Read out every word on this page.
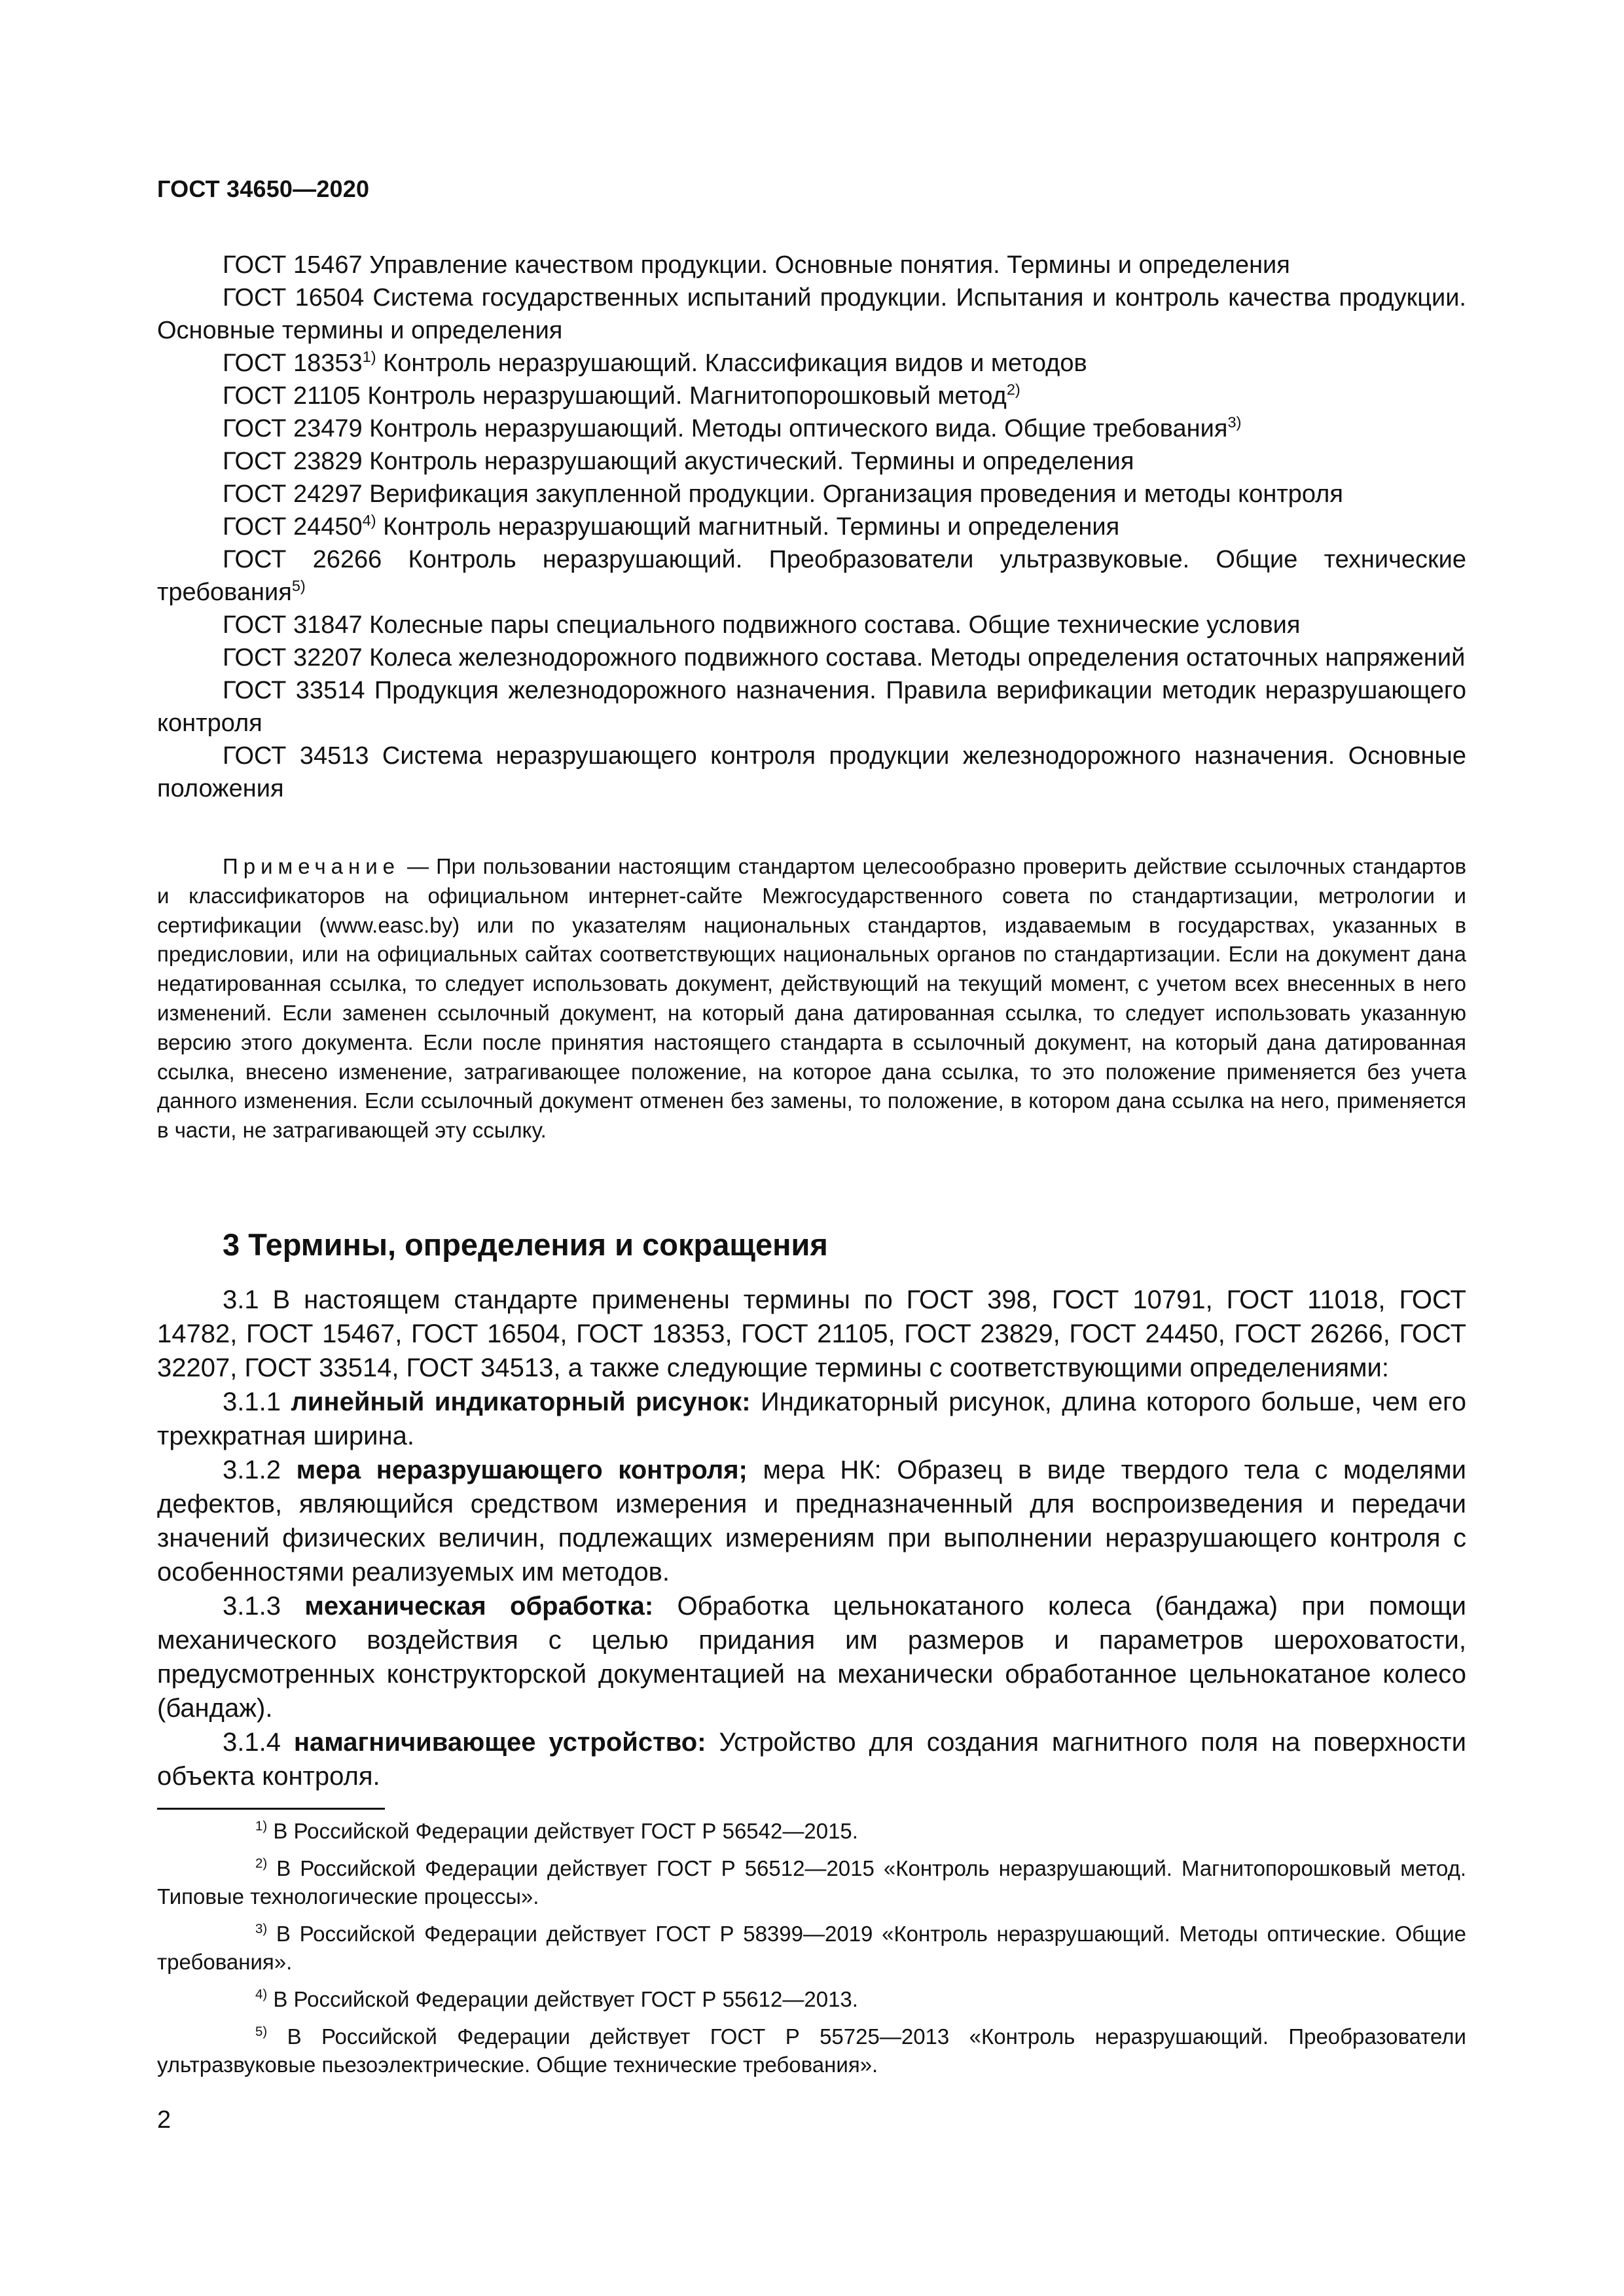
ГОСТ 34650—2020

ГОСТ 15467 Управление качеством продукции. Основные понятия. Термины и определения

ГОСТ 16504 Система государственных испытаний продукции. Испытания и контроль качества продукции. Основные термины и определения

ГОСТ 18353$^{1)}$ Контроль неразрушающий. Классификация видов и методов

ГОСТ 21105 Контроль неразрушающий. Магнитопорошковый метод$^{2)}$

ГОСТ 23479 Контроль неразрушающий. Методы оптического вида. Общие требования$^{3)}$

ГОСТ 23829 Контроль неразрушающий акустический. Термины и определения

ГОСТ 24297 Верификация закупленной продукции. Организация проведения и методы контроля

ГОСТ 24450$^{4)}$ Контроль неразрушающий магнитный. Термины и определения

ГОСТ 26266 Контроль неразрушающий. Преобразователи ультразвуковые. Общие технические требования$^{5)}$

ГОСТ 31847 Колесные пары специального подвижного состава. Общие технические условия

ГОСТ 32207 Колеса железнодорожного подвижного состава. Методы определения остаточных напряжений

ГОСТ 33514 Продукция железнодорожного назначения. Правила верификации методик неразрушающего контроля

ГОСТ 34513 Система неразрушающего контроля продукции железнодорожного назначения. Основные положения

Примечание — При пользовании настоящим стандартом целесообразно проверить действие ссылочных стандартов и классификаторов на официальном интернет-сайте Межгосударственного совета по стандартизации, метрологии и сертификации (www.easc.by) или по указателям национальных стандартов, издаваемым в государствах, указанных в предисловии, или на официальных сайтах соответствующих национальных органов по стандартизации. Если на документ дана недатированная ссылка, то следует использовать документ, действующий на текущий момент, с учетом всех внесенных в него изменений. Если заменен ссылочный документ, на который дана датированная ссылка, то следует использовать указанную версию этого документа. Если после принятия настоящего стандарта в ссылочный документ, на который дана датированная ссылка, внесено изменение, затрагивающее положение, на которое дана ссылка, то это положение применяется без учета данного изменения. Если ссылочный документ отменен без замены, то положение, в котором дана ссылка на него, применяется в части, не затрагивающей эту ссылку.

3 Термины, определения и сокращения

3.1 В настоящем стандарте применены термины по ГОСТ 398, ГОСТ 10791, ГОСТ 11018, ГОСТ 14782, ГОСТ 15467, ГОСТ 16504, ГОСТ 18353, ГОСТ 21105, ГОСТ 23829, ГОСТ 24450, ГОСТ 26266, ГОСТ 32207, ГОСТ 33514, ГОСТ 34513, а также следующие термины с соответствующими определениями:

3.1.1 линейный индикаторный рисунок: Индикаторный рисунок, длина которого больше, чем его трехкратная ширина.

3.1.2 мера неразрушающего контроля; мера НК: Образец в виде твердого тела с моделями дефектов, являющийся средством измерения и предназначенный для воспроизведения и передачи значений физических величин, подлежащих измерениям при выполнении неразрушающего контроля с особенностями реализуемых им методов.

3.1.3 механическая обработка: Обработка цельнокатаного колеса (бандажа) при помощи механического воздействия с целью придания им размеров и параметров шероховатости, предусмотренных конструкторской документацией на механически обработанное цельнокатаное колесо (бандаж).

3.1.4 намагничивающее устройство: Устройство для создания магнитного поля на поверхности объекта контроля.

$^{1)}$ В Российской Федерации действует ГОСТ Р 56542—2015.

$^{2)}$ В Российской Федерации действует ГОСТ Р 56512—2015 «Контроль неразрушающий. Магнитопорошковый метод. Типовые технологические процессы».

$^{3)}$ В Российской Федерации действует ГОСТ Р 58399—2019 «Контроль неразрушающий. Методы оптические. Общие требования».

$^{4)}$ В Российской Федерации действует ГОСТ Р 55612—2013.

$^{5)}$ В Российской Федерации действует ГОСТ Р 55725—2013 «Контроль неразрушающий. Преобразователи ультразвуковые пьезоэлектрические. Общие технические требования».

2
